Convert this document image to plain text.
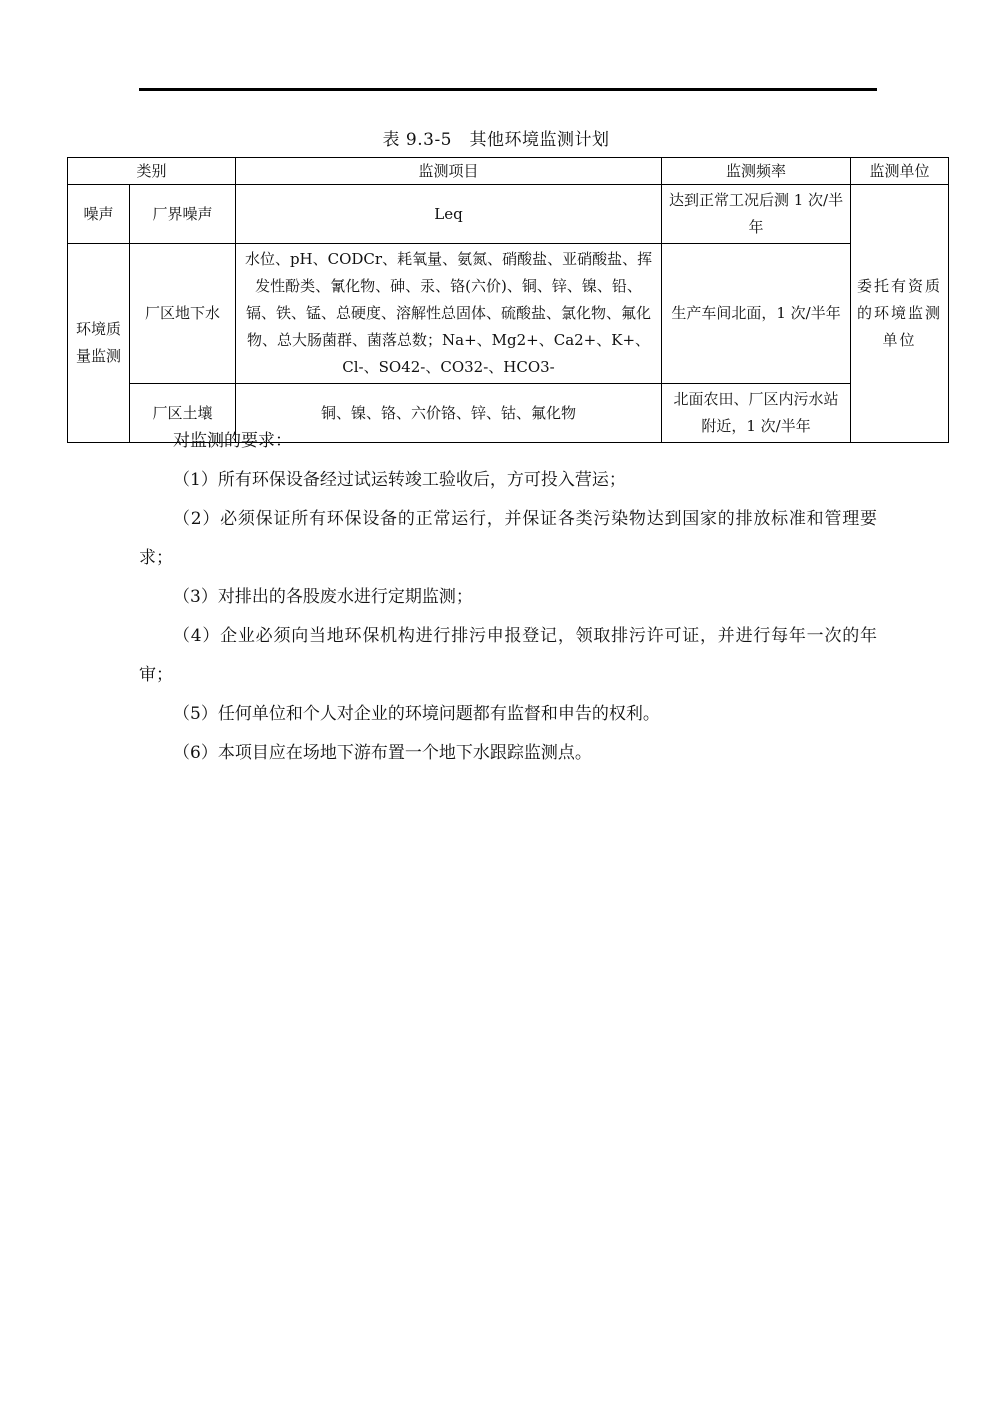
表 9.3-5　其他环境监测计划
类别		监测项目	监测频率	监测单位
噪声	厂界噪声	Leq	达到正常工况后测 1 次/半年	委托有资质的环境监测单位
环境质量监测	厂区地下水	水位、pH、CODCr、耗氧量、氨氮、硝酸盐、亚硝酸盐、挥发性酚类、氰化物、砷、汞、铬(六价)、铜、锌、镍、铅、镉、铁、锰、总硬度、溶解性总固体、硫酸盐、氯化物、氟化物、总大肠菌群、菌落总数；Na+、Mg2+、Ca2+、K+、Cl-、SO42-、CO32-、HCO3-	生产车间北面，1 次/半年	
	厂区土壤	铜、镍、铬、六价铬、锌、钴、氟化物	北面农田、厂区内污水站附近，1 次/半年	

对监测的要求：

（1）所有环保设备经过试运转竣工验收后，方可投入营运；

（2）必须保证所有环保设备的正常运行，并保证各类污染物达到国家的排放标准和管理要求；

（3）对排出的各股废水进行定期监测；

（4）企业必须向当地环保机构进行排污申报登记，领取排污许可证，并进行每年一次的年审；

（5）任何单位和个人对企业的环境问题都有监督和申告的权利。

（6）本项目应在场地下游布置一个地下水跟踪监测点。
